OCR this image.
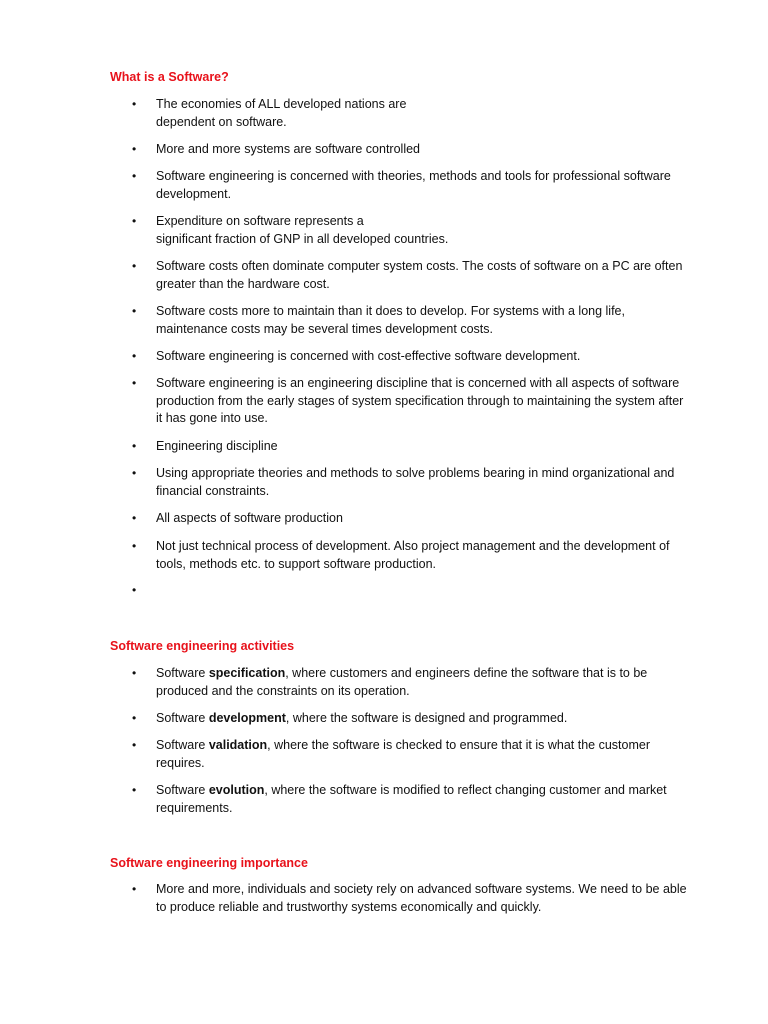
What is a Software?
• The economies of ALL developed nations are
dependent on software.
• More and more systems are software controlled
• Software engineering is concerned with theories, methods and tools for professional software
development.
• Expenditure on software represents a
significant fraction of GNP in all developed countries.
• Software costs often dominate computer system costs. The costs of software on a PC are often
greater than the hardware cost.
• Software costs more to maintain than it does to develop. For systems with a long life,
maintenance costs may be several times development costs.
• Software engineering is concerned with cost-effective software development.
• Software engineering is an engineering discipline that is concerned with all aspects of software
production from the early stages of system specification through to maintaining the system after
it has gone into use.
• Engineering discipline
• Using appropriate theories and methods to solve problems bearing in mind organizational and
financial constraints.
• All aspects of software production
• Not just technical process of development. Also project management and the development of
tools, methods etc. to support software production.
•
Software engineering activities
• Software specification, where customers and engineers define the software that is to be
produced and the constraints on its operation.
• Software development, where the software is designed and programmed.
• Software validation, where the software is checked to ensure that it is what the customer
requires.
• Software evolution, where the software is modified to reflect changing customer and market
requirements.
Software engineering importance
• More and more, individuals and society rely on advanced software systems. We need to be able
to produce reliable and trustworthy systems economically and quickly.
